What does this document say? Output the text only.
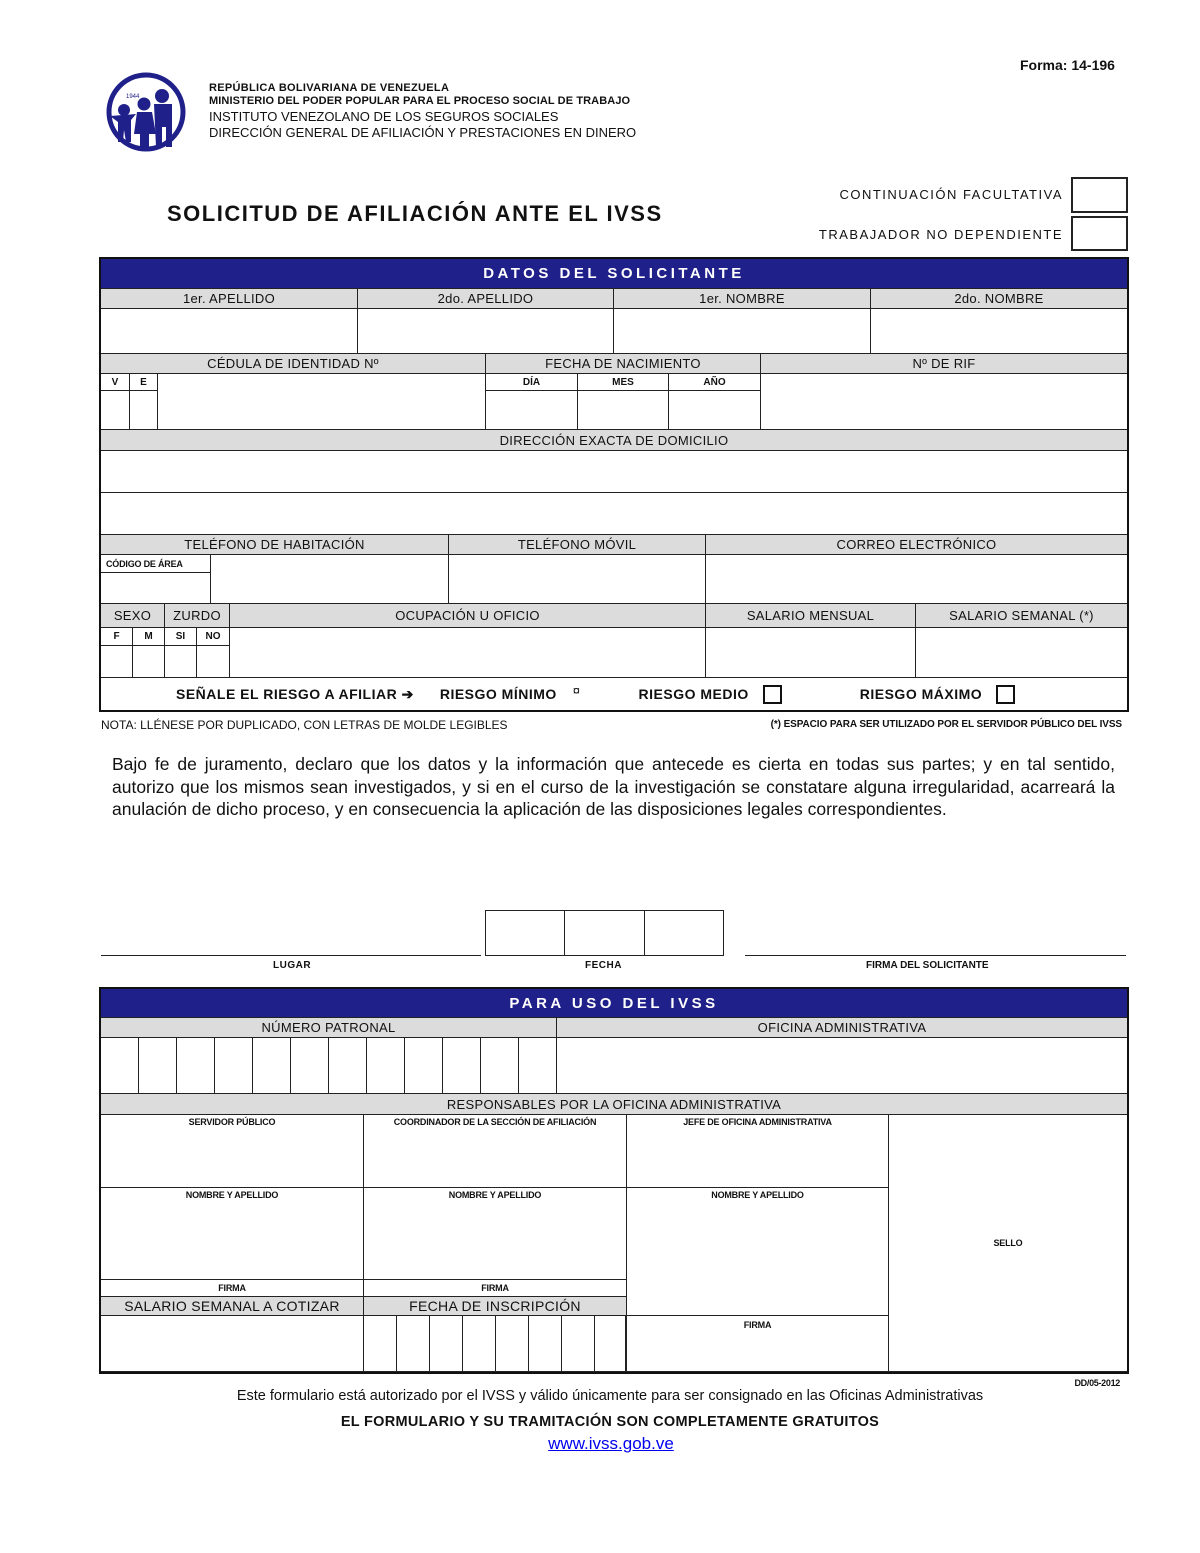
Forma: 14-196
1944
REPÚBLICA BOLIVARIANA DE VENEZUELA
MINISTERIO DEL PODER POPULAR PARA EL PROCESO SOCIAL DE TRABAJO
INSTITUTO VENEZOLANO DE LOS SEGUROS SOCIALES
DIRECCIÓN GENERAL DE AFILIACIÓN Y PRESTACIONES EN DINERO
SOLICITUD DE AFILIACIÓN ANTE EL IVSS
CONTINUACIÓN FACULTATIVA
TRABAJADOR NO DEPENDIENTE
DATOS DEL SOLICITANTE
1er. APELLIDO	2do. APELLIDO	1er. NOMBRE	2do. NOMBRE
CÉDULA DE IDENTIDAD Nº	FECHA DE NACIMIENTO	Nº DE RIF
V	E	DÍA	MES	AÑO
DIRECCIÓN EXACTA DE DOMICILIO
TELÉFONO DE HABITACIÓN	TELÉFONO MÓVIL	CORREO ELECTRÓNICO
CÓDIGO DE ÁREA
SEXO	ZURDO	OCUPACIÓN U OFICIO	SALARIO MENSUAL	SALARIO SEMANAL (*)
F	M	SI	NO
SEÑALE EL RIESGO A AFILIAR ➔ RIESGO MÍNIMO ¤	RIESGO MEDIO	RIESGO MÁXIMO
NOTA: LLÉNESE POR DUPLICADO, CON LETRAS DE MOLDE LEGIBLES	(*) ESPACIO PARA SER UTILIZADO POR EL SERVIDOR PÚBLICO DEL IVSS
Bajo fe de juramento, declaro que los datos y la información que antecede es cierta en todas sus partes; y en tal sentido, autorizo que los mismos sean investigados, y si en el curso de la investigación se constatare alguna irregularidad, acarreará la anulación de dicho proceso, y en consecuencia la aplicación de las disposiciones legales correspondientes.
LUGAR	FECHA	FIRMA DEL SOLICITANTE
PARA USO DEL IVSS
NÚMERO PATRONAL	OFICINA ADMINISTRATIVA
RESPONSABLES POR LA OFICINA ADMINISTRATIVA
SERVIDOR PÚBLICO	COORDINADOR DE LA SECCIÓN DE AFILIACIÓN	JEFE DE OFICINA ADMINISTRATIVA
SELLO
NOMBRE Y APELLIDO	NOMBRE Y APELLIDO	NOMBRE Y APELLIDO
FIRMA	FIRMA
SALARIO SEMANAL A COTIZAR	FECHA DE INSCRIPCIÓN
FIRMA
DD/05-2012
Este formulario está autorizado por el IVSS y válido únicamente para ser consignado en las Oficinas Administrativas
EL FORMULARIO Y SU TRAMITACIÓN SON COMPLETAMENTE GRATUITOS
www.ivss.gob.ve
